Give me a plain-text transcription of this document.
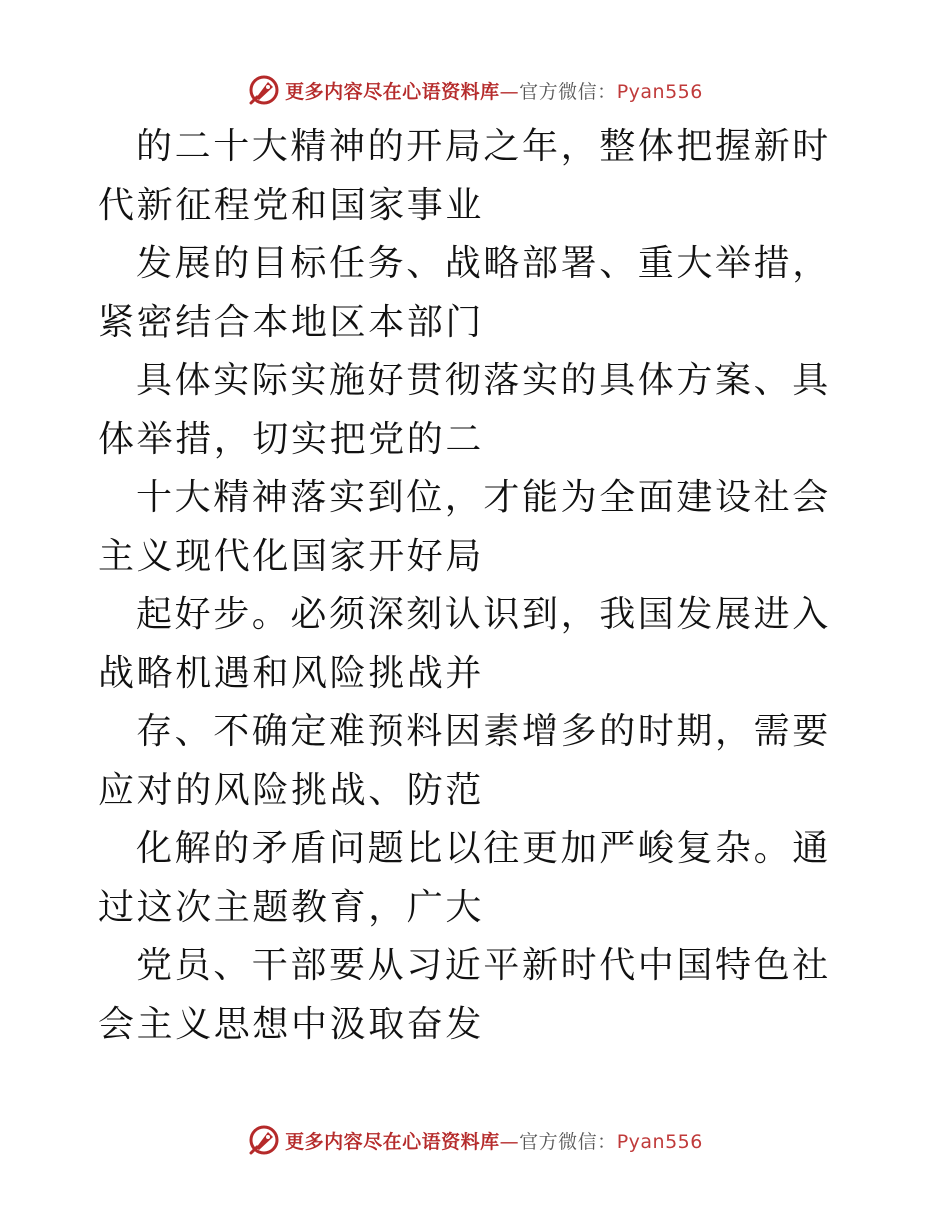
更多内容尽在心语资料库—官方微信：Pyan556

的二十大精神的开局之年，整体把握新时代新征程党和国家事业

发展的目标任务、战略部署、重大举措，紧密结合本地区本部门

具体实际实施好贯彻落实的具体方案、具体举措，切实把党的二

十大精神落实到位，才能为全面建设社会主义现代化国家开好局

起好步。必须深刻认识到，我国发展进入战略机遇和风险挑战并

存、不确定难预料因素增多的时期，需要应对的风险挑战、防范

化解的矛盾问题比以往更加严峻复杂。通过这次主题教育，广大

党员、干部要从习近平新时代中国特色社会主义思想中汲取奋发

更多内容尽在心语资料库—官方微信：Pyan556
